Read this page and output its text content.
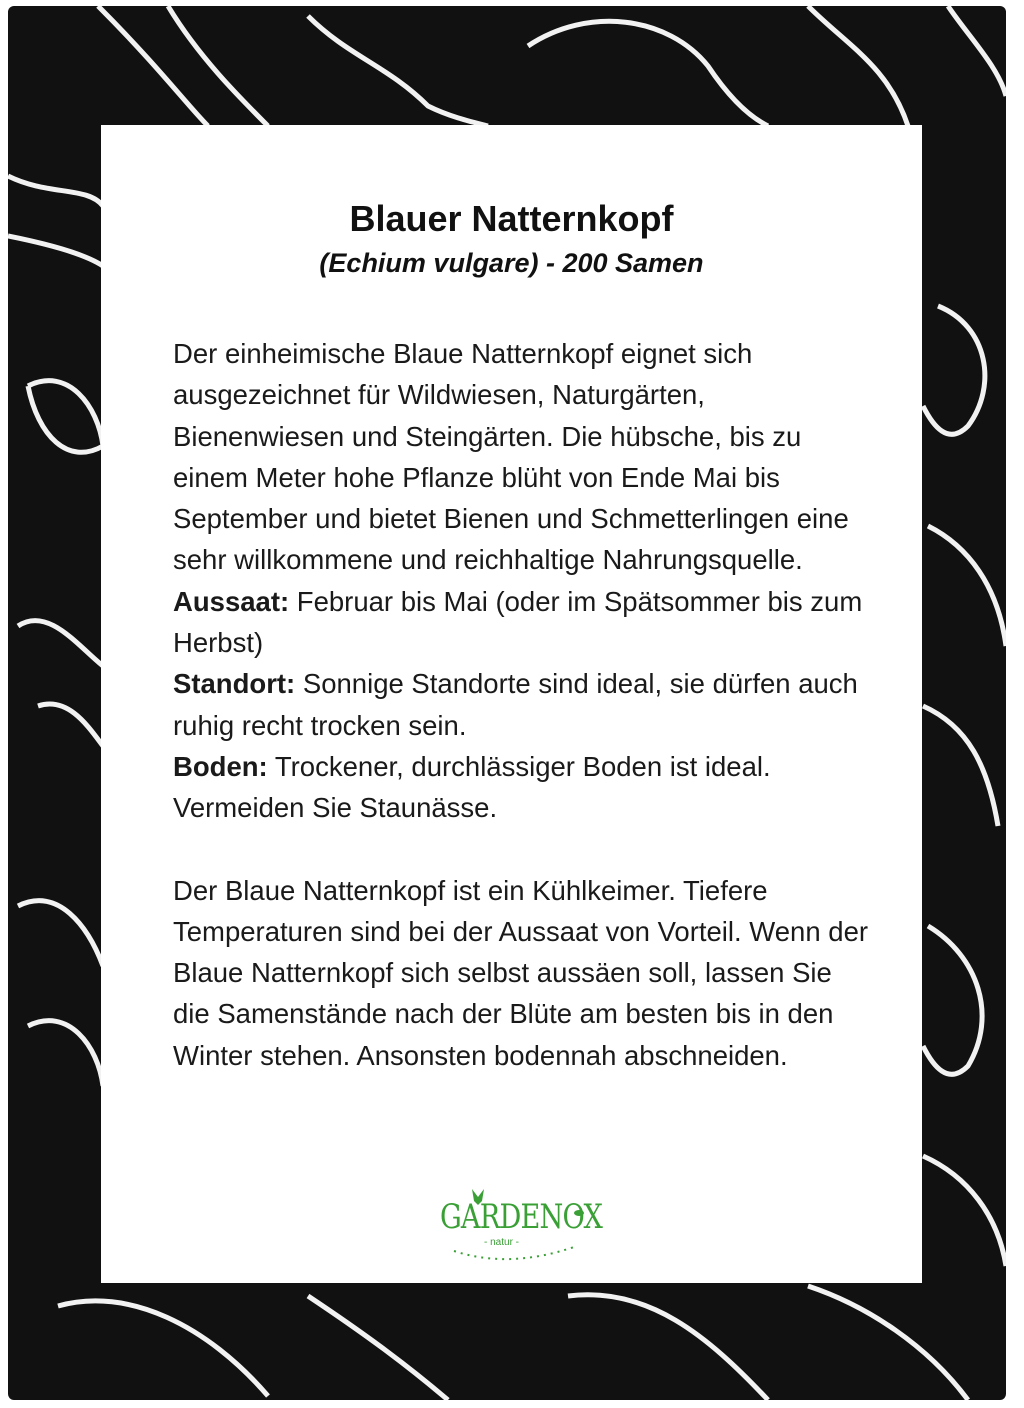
Blauer Natternkopf
(Echium vulgare) - 200 Samen

Der einheimische Blaue Natternkopf eignet sich ausgezeichnet für Wildwiesen, Naturgärten, Bienenwiesen und Steingärten. Die hübsche, bis zu einem Meter hohe Pflanze blüht von Ende Mai bis September und bietet Bienen und Schmetterlingen eine sehr willkommene und reichhaltige Nahrungsquelle.

Aussaat: Februar bis Mai (oder im Spätsommer bis zum Herbst)

Standort: Sonnige Standorte sind ideal, sie dürfen auch ruhig recht trocken sein.

Boden: Trockener, durchlässiger Boden ist ideal. Vermeiden Sie Staunässe.

Der Blaue Natternkopf ist ein Kühlkeimer. Tiefere Temperaturen sind bei der Aussaat von Vorteil. Wenn der Blaue Natternkopf sich selbst aussäen soll, lassen Sie die Samenstände nach der Blüte am besten bis in den Winter stehen. Ansonsten bodennah abschneiden.

GARDENOX
- natur -
